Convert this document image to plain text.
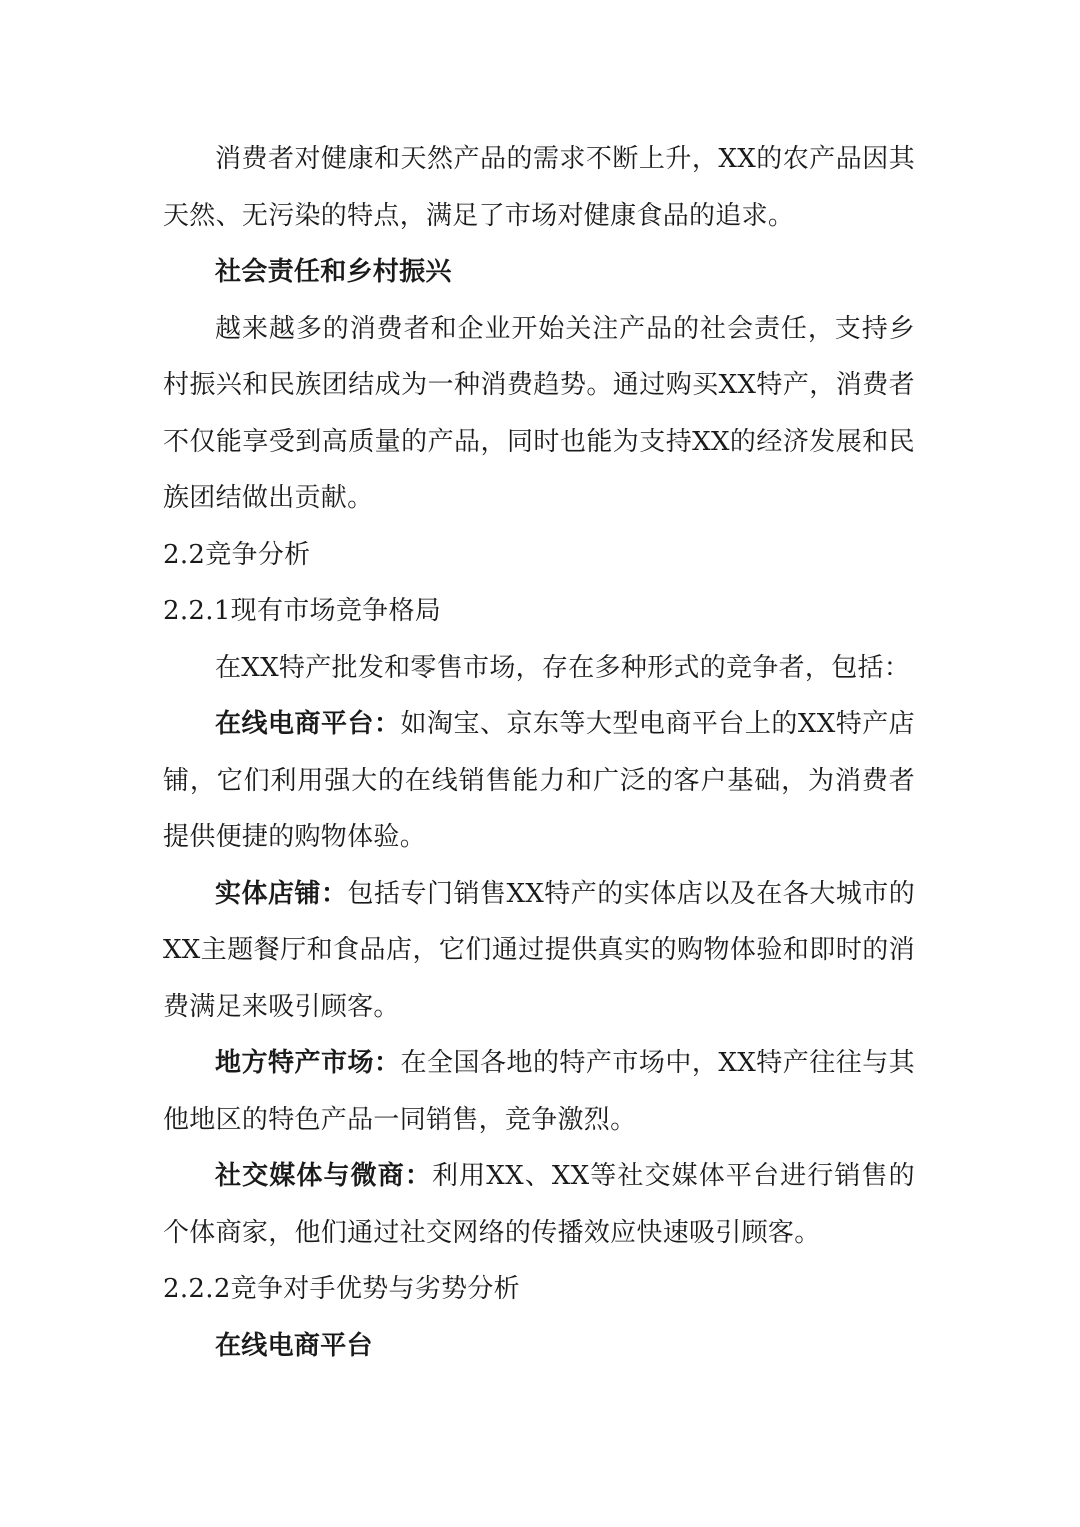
消费者对健康和天然产品的需求不断上升，XX的农产品因其天然、无污染的特点，满足了市场对健康食品的追求。

社会责任和乡村振兴

越来越多的消费者和企业开始关注产品的社会责任，支持乡村振兴和民族团结成为一种消费趋势。通过购买XX特产，消费者不仅能享受到高质量的产品，同时也能为支持XX的经济发展和民族团结做出贡献。

2.2竞争分析

2.2.1现有市场竞争格局

在XX特产批发和零售市场，存在多种形式的竞争者，包括：

在线电商平台：如淘宝、京东等大型电商平台上的XX特产店铺，它们利用强大的在线销售能力和广泛的客户基础，为消费者提供便捷的购物体验。

实体店铺：包括专门销售XX特产的实体店以及在各大城市的XX主题餐厅和食品店，它们通过提供真实的购物体验和即时的消费满足来吸引顾客。

地方特产市场：在全国各地的特产市场中，XX特产往往与其他地区的特色产品一同销售，竞争激烈。

社交媒体与微商：利用XX、XX等社交媒体平台进行销售的个体商家，他们通过社交网络的传播效应快速吸引顾客。

2.2.2竞争对手优势与劣势分析

在线电商平台
